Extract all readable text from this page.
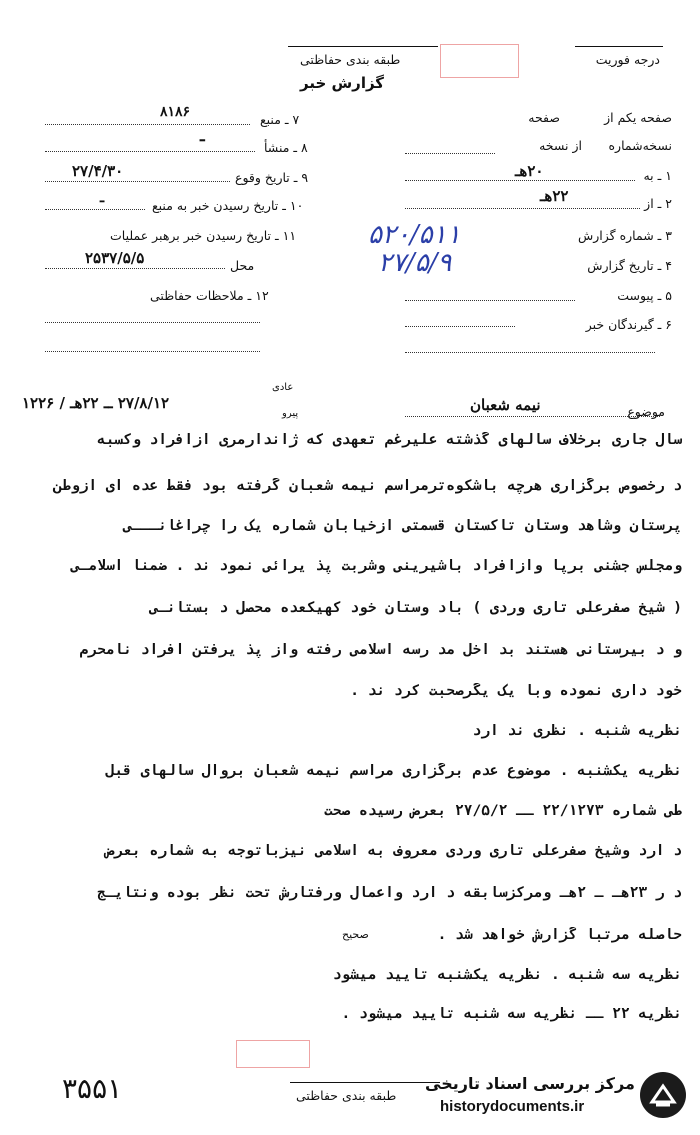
درجه فوریت
طبقه بندی حفاظتی
گزارش خبر
صفحه یکم از
صفحه
نسخه‌شماره
از نسخه
۱ ـ به
۲۰هـ
۲ ـ از
۲۲هـ
۳ ـ شماره گزارش
۵۲۰/۵۱۱
۴ ـ تاریخ گزارش
۲۷/۵/۹
۵ ـ پیوست
۶ ـ گیرندگان خبر
۷ ـ منبع
۸۱۸۶
۸ ـ منشأ
ـ
۹ ـ تاریخ وقوع
۲۷/۴/۳۰
۱۰ ـ تاریخ رسیدن خبر به منبع
ـ
۱۱ ـ تاریخ رسیدن خبر برهبر عملیات
محل
۲۵۳۷/۵/۵
۱۲ ـ ملاحظات حفاظتی
موضوع
نیمه شعبان
عادی
پیرو
۲۷/۸/۱۲ ــ ۲۲هـ / ۱۲۲۶
سال جاری برخلاف سالهای گذشته علیرغم تعهدی که ژاندارمری ازافراد وکسبه
د رخصوص برگزاری هرچه باشکوه‌ترمراسم نیمه شعبان گرفته بود فقط عده ای ازوطن
پرستان وشاهد وستان تاکستان قسمتی ازخیابان شماره یک را چراغانـــی
ومجلس جشنی برپا وازافراد باشیرینی وشربت پذ یرائی نمود ند . ضمنا اسلامـی
( شیخ صفرعلی تاری وردی ) باد وستان خود کهیکعده محصل د بستانـی
و د بیرستانی هستند بد اخل مد رسه اسلامی رفته واز پذ یرفتن افراد نامحرم
خود داری نموده وبا یک یگرصحبت کرد ند .
نظریه شنبه . نظری ند ارد
نظریه یکشنبه . موضوع عدم برگزاری مراسم نیمه شعبان بروال سالهای قبل
طی شماره ۲۲/۱۲۷۳ ــ ۲۷/۵/۲ بعرض رسیده صحت
د ارد وشیخ صفرعلی تاری وردی معروف به اسلامی نیزباتوجه به شماره بعرض
د ر ۲۳هـ ـ ۲هـ ومرکزسابقه د ارد واعمال ورفتارش تحت نظر بوده ونتایـج
حاصله مرتبا گزارش خواهد شد .
صحیح
نظریه سه شنبه . نظریه یکشنبه تایید میشود
نظریه ۲۲ ــ نظریه سه شنبه تایید میشود .
۳۵۵۱	طبقه بندی حفاظتی
مرکز بررسی اسناد تاریخی
historydocuments.ir
